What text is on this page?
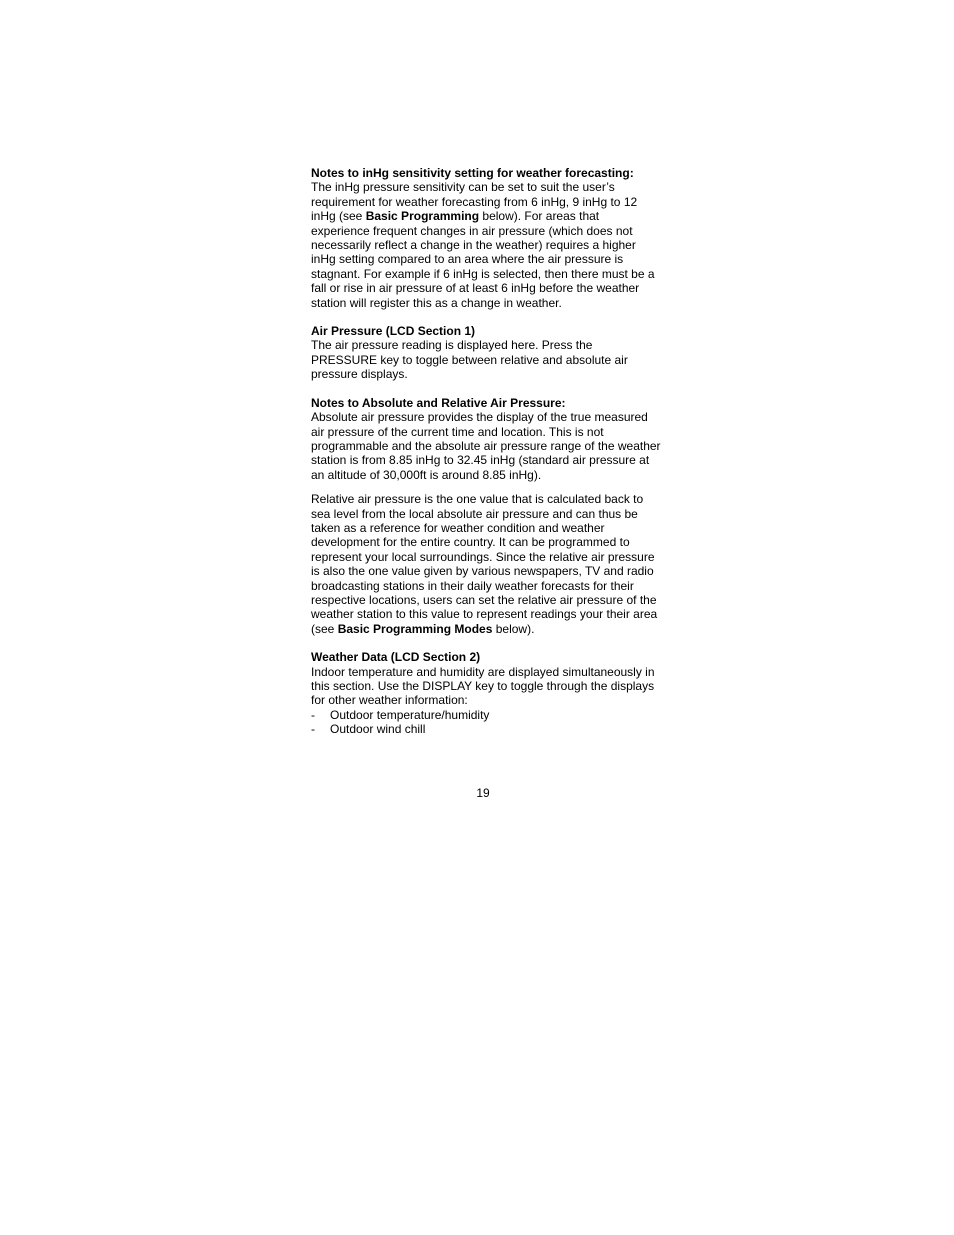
Notes to inHg sensitivity setting for weather forecasting:

The inHg pressure sensitivity can be set to suit the user’s requirement for weather forecasting from 6 inHg, 9 inHg to 12 inHg (see Basic Programming below). For areas that experience frequent changes in air pressure (which does not necessarily reflect a change in the weather) requires a higher inHg setting compared to an area where the air pressure is stagnant. For example if 6 inHg is selected, then there must be a fall or rise in air pressure of at least 6 inHg before the weather station will register this as a change in weather.

Air Pressure (LCD Section 1)

The air pressure reading is displayed here. Press the PRESSURE key to toggle between relative and absolute air pressure displays.

Notes to Absolute and Relative Air Pressure:

Absolute air pressure provides the display of the true measured air pressure of the current time and location. This is not programmable and the absolute air pressure range of the weather station is from 8.85 inHg to 32.45 inHg (standard air pressure at an altitude of 30,000ft is around 8.85 inHg).

Relative air pressure is the one value that is calculated back to sea level from the local absolute air pressure and can thus be taken as a reference for weather condition and weather development for the entire country. It can be programmed to represent your local surroundings. Since the relative air pressure is also the one value given by various newspapers, TV and radio broadcasting stations in their daily weather forecasts for their respective locations, users can set the relative air pressure of the weather station to this value to represent readings your their area (see Basic Programming Modes below).

Weather Data (LCD Section 2)

Indoor temperature and humidity are displayed simultaneously in this section. Use the DISPLAY key to toggle through the displays for other weather information:

- Outdoor temperature/humidity
- Outdoor wind chill
19
